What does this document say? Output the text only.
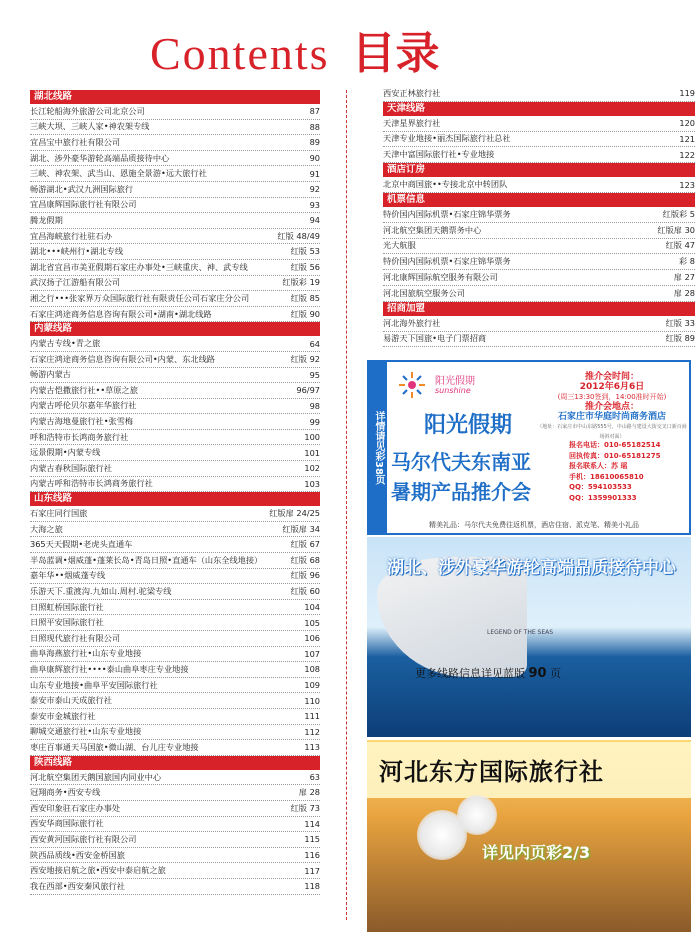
Contents 目录
湖北线路
长江轮船海外旅游公司北京公司	87
三峡大坝、三峡人家•神农架专线	88
宜昌宝中旅行社有限公司	89
湖北、涉外豪华游轮高端品质接待中心	90
三峡、神农架、武当山、恩施全景游•远大旅行社	91
畅游湖北•武汉九洲国际旅行	92
宜昌康辉国际旅行社有限公司	93
腾龙假期	94
宜昌海峡旅行社驻石办	红版 48/49
湖北•••峡州行•湖北专线	红版 53
湖北省宜昌市美亚假期石家庄办事处•三峡重庆、神、武专线	红版 56
武汉扬子江游船有限公司	红版彩 19
湘之行•••张家界万众国际旅行社有限责任公司石家庄分公司	红版 85
石家庄鸿途商务信息咨询有限公司•湖南•湖北线路	红版 90
内蒙线路
内蒙古专线•青之旅	64
石家庄鸿途商务信息咨询有限公司•内蒙、东北线路	红版 92
畅游内蒙古	95
内蒙古恺撒旅行社••草原之旅	96/97
内蒙古呼伦贝尔嘉年华旅行社	98
内蒙古海地曼旅行社•张雪梅	99
呼和浩特市长鸿商务旅行社	100
远景假期•内蒙专线	101
内蒙古春秋国际旅行社	102
内蒙古呼和浩特市长鸿商务旅行社	103
山东线路
石家庄同行国旅	红版扉 24/25
大海之旅	红版扉 34
365天天假期•老虎头直通车	红版 67
半岛蓝调•烟威蓬•蓬莱长岛•青岛日照•直通车（山东全线地接）	红版 68
嘉年华••烟威蓬专线	红版 96
乐游天下.重渡沟.九如山.周村.驼梁专线	红版 60
日照虹桥国际旅行社	104
日照平安国际旅行社	105
日照现代旅行社有限公司	106
曲阜海燕旅行社•山东专业地接	107
曲阜康辉旅行社••••泰山曲阜枣庄专业地接	108
山东专业地接•曲阜平安国际旅行社	109
泰安市泰山天成旅行社	110
泰安市金城旅行社	111
聊城交通旅行社•山东专业地接	112
枣庄百事通天马国旅•微山湖、台儿庄专业地接	113
陕西线路
河北航空集团天鹅国旅国内同业中心	63
冠翔商务•西安专线	扉 28
西安印象驻石家庄办事处	红版 73
西安华商国际旅行社	114
西安黄河国际旅行社有限公司	115
陕西品质线•西安金桥国旅	116
西安地接启航之旅•西安中泰启航之旅	117
我在西部•西安秦风旅行社	118
西安正林旅行社	119
天津线路
天津星界旅行社	120
天津专业地接•丽杰国际旅行社总社	121
天津中富国际旅行社•专业地接	122
酒店订房
北京中商国旅••专接北京中转团队	123
机票信息
特价国内国际机票•石家庄锦华票务	红版彩 5
河北航空集团天鹅票务中心	红版扉 30
光大航服	红版 47
特价国内国际机票•石家庄锦华票务	彩 8
河北康辉国际航空服务有限公司	扉 27
河北国旅航空服务公司	扉 28
招商加盟
河北海外旅行社	红版 33
易游天下国旅•电子门票招商	红版 89
详情请见彩38页
阳光假期
sunshine
阳光假期
马尔代夫东南亚
暑期产品推介会
推介会时间：
2012年6月6日
(周三13:30签到，14:00准时开始)
推介会地点：
石家庄市华庭时尚商务酒店
（地址：石家庄市中山东路555号，中山路与建设大街交叉口新百商场斜对面）
报名电话：010-65182514
回执传真：010-65181275
报名联系人：苏 瑶
手机：18610065810
QQ：594103533
QQ：1359901333
精美礼品：马尔代夫免费往返机票，酒店住宿、派克笔、精美小礼品
LEGEND OF THE SEAS
湖北、涉外豪华游轮高端品质接待中心
更多线路信息详见蓝版 90 页
河北东方国际旅行社
详见内页彩2/3
